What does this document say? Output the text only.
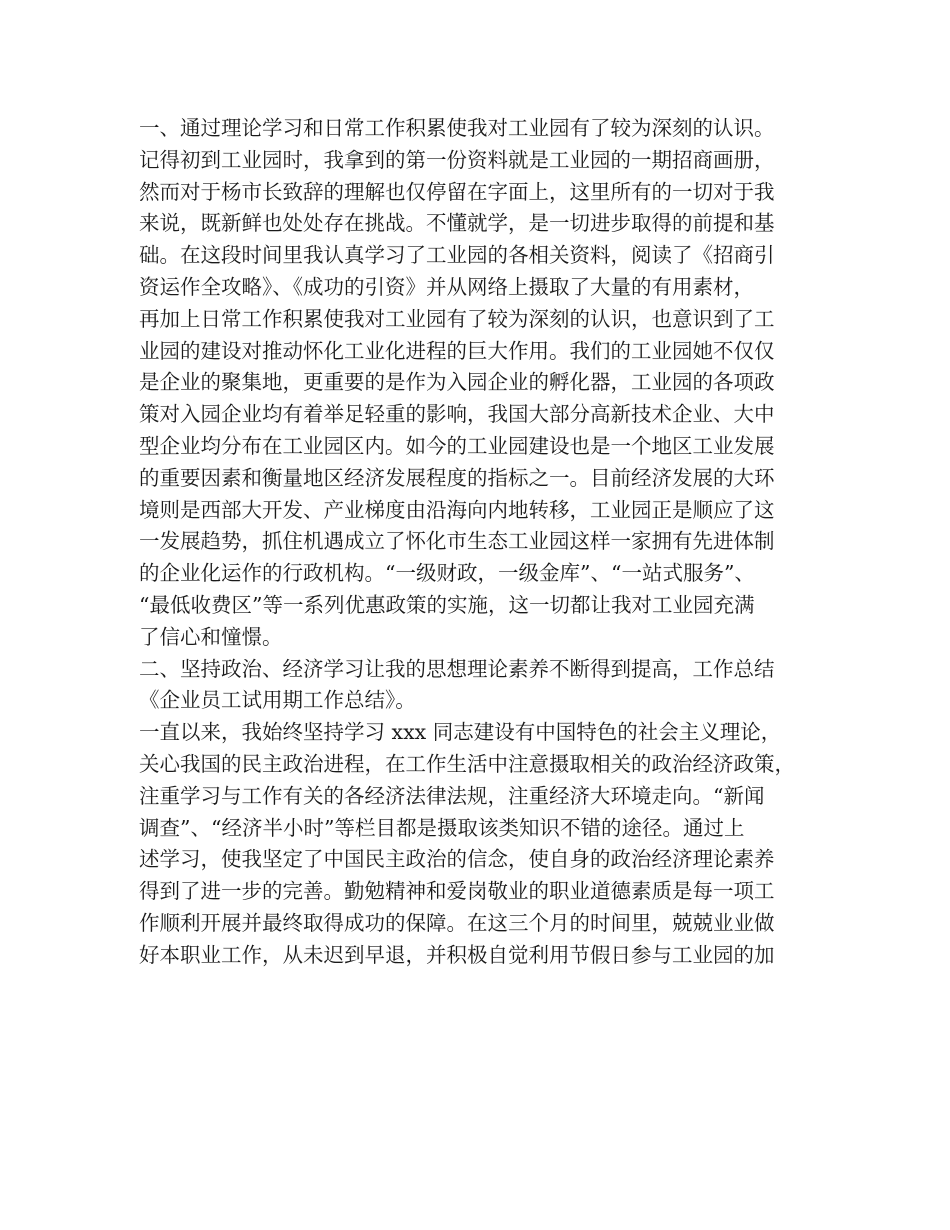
一、通过理论学习和日常工作积累使我对工业园有了较为深刻的认识。
记得初到工业园时，我拿到的第一份资料就是工业园的一期招商画册，
然而对于杨市长致辞的理解也仅停留在字面上，这里所有的一切对于我
来说，既新鲜也处处存在挑战。不懂就学，是一切进步取得的前提和基
础。在这段时间里我认真学习了工业园的各相关资料，阅读了《招商引
资运作全攻略》、《成功的引资》并从网络上摄取了大量的有用素材，
再加上日常工作积累使我对工业园有了较为深刻的认识，也意识到了工
业园的建设对推动怀化工业化进程的巨大作用。我们的工业园她不仅仅
是企业的聚集地，更重要的是作为入园企业的孵化器，工业园的各项政
策对入园企业均有着举足轻重的影响，我国大部分高新技术企业、大中
型企业均分布在工业园区内。如今的工业园建设也是一个地区工业发展
的重要因素和衡量地区经济发展程度的指标之一。目前经济发展的大环
境则是西部大开发、产业梯度由沿海向内地转移，工业园正是顺应了这
一发展趋势，抓住机遇成立了怀化市生态工业园这样一家拥有先进体制
的企业化运作的行政机构。“一级财政，一级金库”、“一站式服务”、
“最低收费区”等一系列优惠政策的实施，这一切都让我对工业园充满
了信心和憧憬。
二、坚持政治、经济学习让我的思想理论素养不断得到提高，工作总结
《企业员工试用期工作总结》。
一直以来，我始终坚持学习 xxx 同志建设有中国特色的社会主义理论，
关心我国的民主政治进程，在工作生活中注意摄取相关的政治经济政策，
注重学习与工作有关的各经济法律法规，注重经济大环境走向。“新闻
调查”、“经济半小时”等栏目都是摄取该类知识不错的途径。通过上
述学习，使我坚定了中国民主政治的信念，使自身的政治经济理论素养
得到了进一步的完善。勤勉精神和爱岗敬业的职业道德素质是每一项工
作顺利开展并最终取得成功的保障。在这三个月的时间里，兢兢业业做
好本职业工作，从未迟到早退，并积极自觉利用节假日参与工业园的加
